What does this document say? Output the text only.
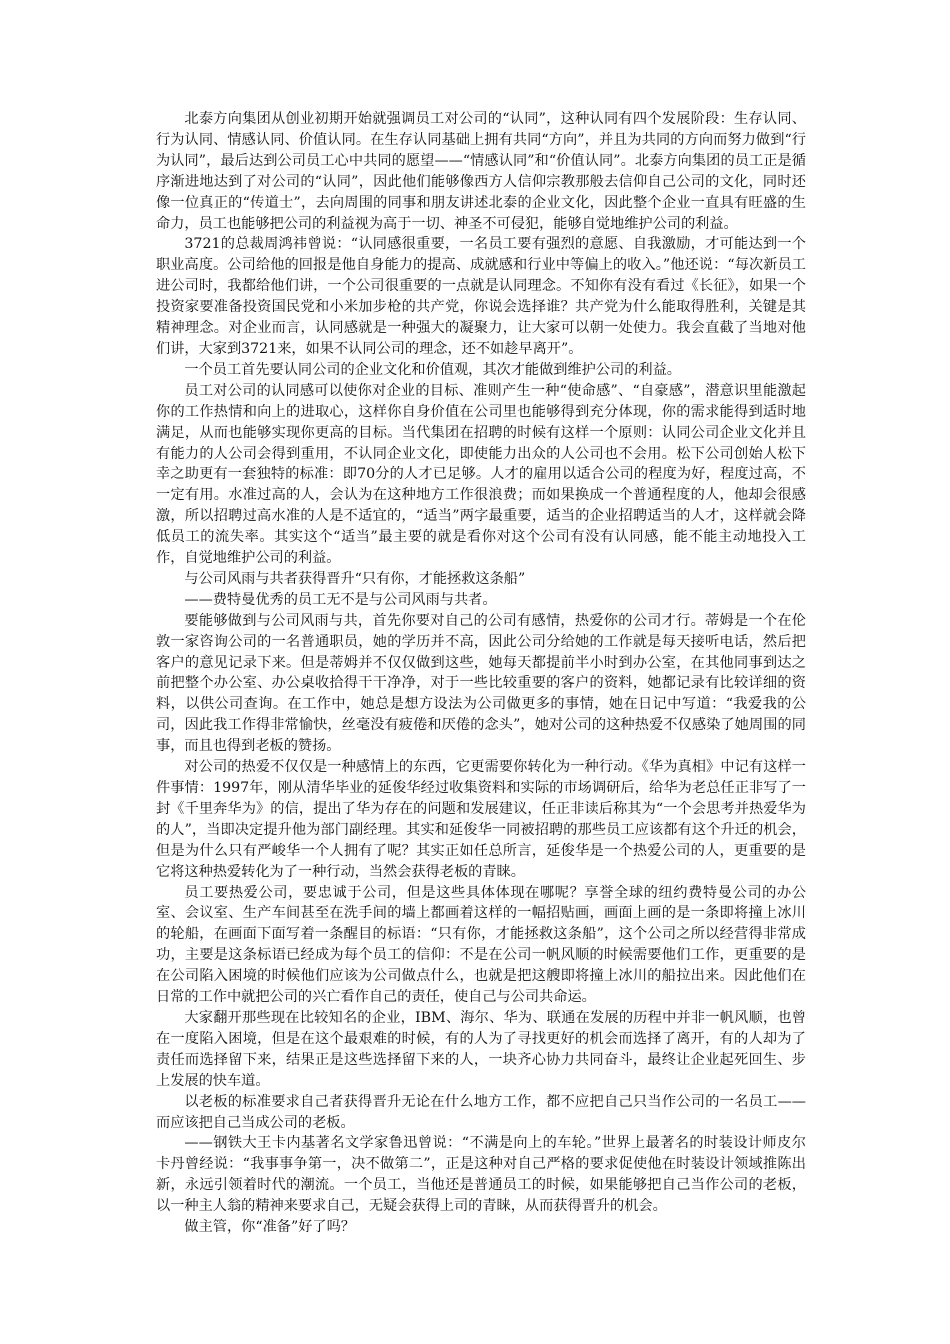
北泰方向集团从创业初期开始就强调员工对公司的“认同”，这种认同有四个发展阶段：生存认同、行为认同、情感认同、价值认同。在生存认同基础上拥有共同“方向”，并且为共同的方向而努力做到“行为认同”，最后达到公司员工心中共同的愿望——“情感认同”和“价值认同”。北泰方向集团的员工正是循序渐进地达到了对公司的“认同”，因此他们能够像西方人信仰宗教那般去信仰自己公司的文化，同时还像一位真正的“传道士”，去向周围的同事和朋友讲述北泰的企业文化，因此整个企业一直具有旺盛的生命力，员工也能够把公司的利益视为高于一切、神圣不可侵犯，能够自觉地维护公司的利益。

3721的总裁周鸿祎曾说：“认同感很重要，一名员工要有强烈的意愿、自我激励，才可能达到一个职业高度。公司给他的回报是他自身能力的提高、成就感和行业中等偏上的收入。”他还说：“每次新员工进公司时，我都给他们讲，一个公司很重要的一点就是认同理念。不知你有没有看过《长征》，如果一个投资家要准备投资国民党和小米加步枪的共产党，你说会选择谁？共产党为什么能取得胜利，关键是其精神理念。对企业而言，认同感就是一种强大的凝聚力，让大家可以朝一处使力。我会直截了当地对他们讲，大家到3721来，如果不认同公司的理念，还不如趁早离开”。

一个员工首先要认同公司的企业文化和价值观，其次才能做到维护公司的利益。

员工对公司的认同感可以使你对企业的目标、准则产生一种“使命感”、“自豪感”，潜意识里能激起你的工作热情和向上的进取心，这样你自身价值在公司里也能够得到充分体现，你的需求能得到适时地满足，从而也能够实现你更高的目标。当代集团在招聘的时候有这样一个原则：认同公司企业文化并且有能力的人公司会得到重用，不认同企业文化，即使能力出众的人公司也不会用。松下公司创始人松下幸之助更有一套独特的标准：即70分的人才已足够。人才的雇用以适合公司的程度为好，程度过高，不一定有用。水准过高的人，会认为在这种地方工作很浪费；而如果换成一个普通程度的人，他却会很感激，所以招聘过高水准的人是不适宜的，“适当”两字最重要，适当的企业招聘适当的人才，这样就会降低员工的流失率。其实这个“适当”最主要的就是看你对这个公司有没有认同感，能不能主动地投入工作，自觉地维护公司的利益。

与公司风雨与共者获得晋升“只有你，才能拯救这条船”

——费特曼优秀的员工无不是与公司风雨与共者。

要能够做到与公司风雨与共，首先你要对自己的公司有感情，热爱你的公司才行。蒂姆是一个在伦敦一家咨询公司的一名普通职员，她的学历并不高，因此公司分给她的工作就是每天接听电话，然后把客户的意见记录下来。但是蒂姆并不仅仅做到这些，她每天都提前半小时到办公室，在其他同事到达之前把整个办公室、办公桌收拾得干干净净，对于一些比较重要的客户的资料，她都记录有比较详细的资料，以供公司查询。在工作中，她总是想方设法为公司做更多的事情，她在日记中写道：“我爱我的公司，因此我工作得非常愉快，丝毫没有疲倦和厌倦的念头”，她对公司的这种热爱不仅感染了她周围的同事，而且也得到老板的赞扬。

对公司的热爱不仅仅是一种感情上的东西，它更需要你转化为一种行动。《华为真相》中记有这样一件事情：1997年，刚从清华毕业的延俊华经过收集资料和实际的市场调研后，给华为老总任正非写了一封《千里奔华为》的信，提出了华为存在的问题和发展建议，任正非读后称其为“一个会思考并热爱华为的人”，当即决定提升他为部门副经理。其实和延俊华一同被招聘的那些员工应该都有这个升迁的机会，但是为什么只有严峻华一个人拥有了呢？其实正如任总所言，延俊华是一个热爱公司的人，更重要的是它将这种热爱转化为了一种行动，当然会获得老板的青睐。

员工要热爱公司，要忠诚于公司，但是这些具体体现在哪呢？享誉全球的纽约费特曼公司的办公室、会议室、生产车间甚至在洗手间的墙上都画着这样的一幅招贴画，画面上画的是一条即将撞上冰川的轮船，在画面下面写着一条醒目的标语：“只有你，才能拯救这条船”，这个公司之所以经营得非常成功，主要是这条标语已经成为每个员工的信仰：不是在公司一帆风顺的时候需要他们工作，更重要的是在公司陷入困境的时候他们应该为公司做点什么，也就是把这艘即将撞上冰川的船拉出来。因此他们在日常的工作中就把公司的兴亡看作自己的责任，使自己与公司共命运。

大家翻开那些现在比较知名的企业，IBM、海尔、华为、联通在发展的历程中并非一帆风顺，也曾在一度陷入困境，但是在这个最艰难的时候，有的人为了寻找更好的机会而选择了离开，有的人却为了责任而选择留下来，结果正是这些选择留下来的人，一块齐心协力共同奋斗，最终让企业起死回生、步上发展的快车道。

以老板的标准要求自己者获得晋升无论在什么地方工作，都不应把自己只当作公司的一名员工——而应该把自己当成公司的老板。

——钢铁大王卡内基著名文学家鲁迅曾说：“不满是向上的车轮。”世界上最著名的时装设计师皮尔 卡丹曾经说：“我事事争第一，决不做第二”，正是这种对自己严格的要求促使他在时装设计领域推陈出新，永远引领着时代的潮流。一个员工，当他还是普通员工的时候，如果能够把自己当作公司的老板，以一种主人翁的精神来要求自己，无疑会获得上司的青睐，从而获得晋升的机会。

做主管，你“准备”好了吗？
